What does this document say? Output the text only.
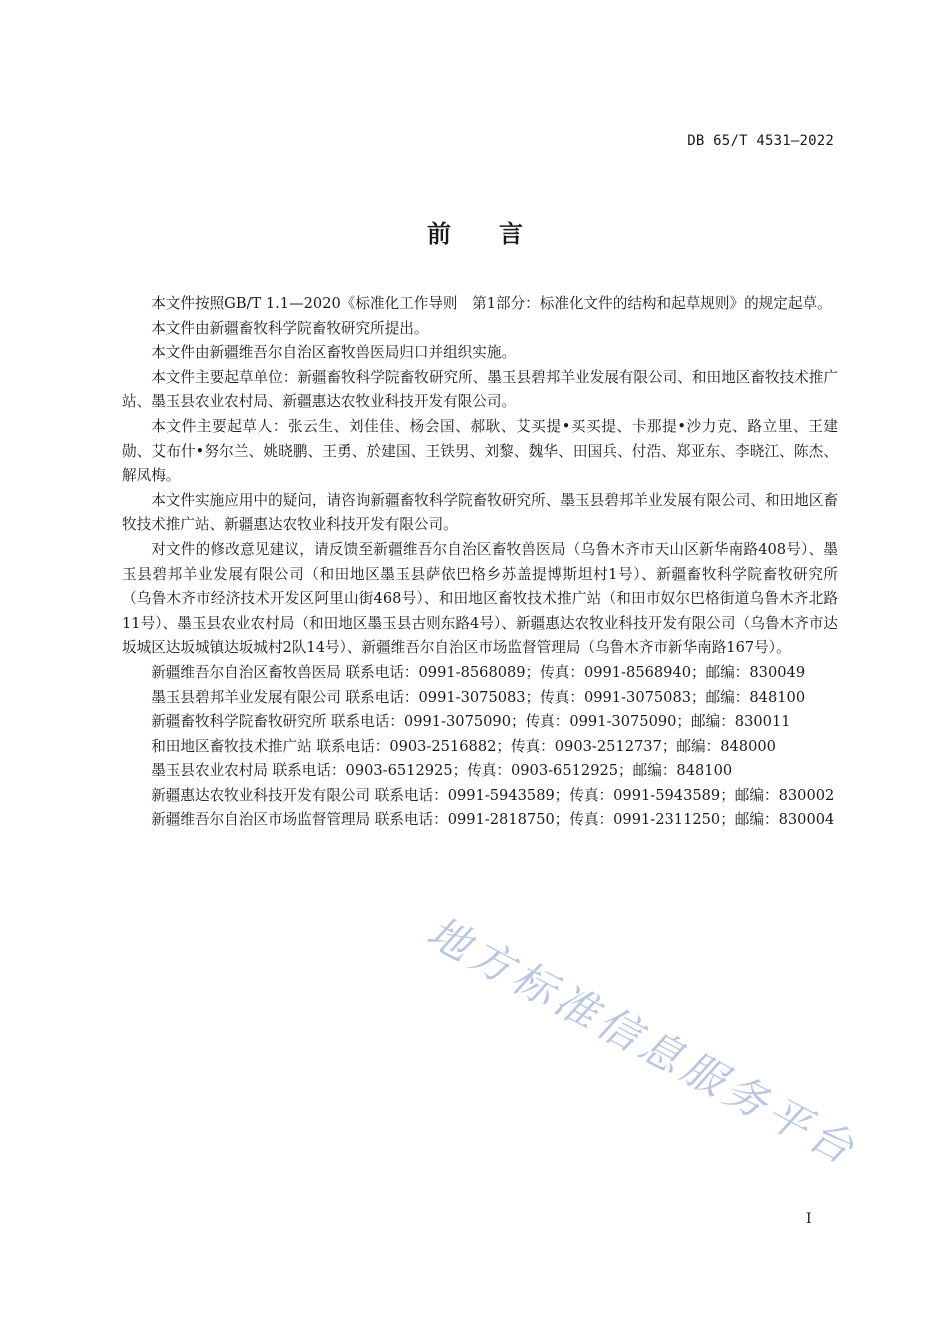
DB 65/T 4531—2022
前 言

本文件按照GB/T 1.1—2020《标准化工作导则　第1部分：标准化文件的结构和起草规则》的规定起草。

本文件由新疆畜牧科学院畜牧研究所提出。

本文件由新疆维吾尔自治区畜牧兽医局归口并组织实施。

本文件主要起草单位：新疆畜牧科学院畜牧研究所、墨玉县碧邦羊业发展有限公司、和田地区畜牧技术推广站、墨玉县农业农村局、新疆惠达农牧业科技开发有限公司。

本文件主要起草人：张云生、刘佳佳、杨会国、郝耿、艾买提•买买提、卡那提•沙力克、路立里、王建勋、艾布什•努尔兰、姚晓鹏、王勇、於建国、王铁男、刘黎、魏华、田国兵、付浩、郑亚东、李晓江、陈杰、解凤梅。

本文件实施应用中的疑问，请咨询新疆畜牧科学院畜牧研究所、墨玉县碧邦羊业发展有限公司、和田地区畜牧技术推广站、新疆惠达农牧业科技开发有限公司。

对文件的修改意见建议，请反馈至新疆维吾尔自治区畜牧兽医局（乌鲁木齐市天山区新华南路408号）、墨玉县碧邦羊业发展有限公司（和田地区墨玉县萨依巴格乡苏盖提博斯坦村1号）、新疆畜牧科学院畜牧研究所（乌鲁木齐市经济技术开发区阿里山街468号）、和田地区畜牧技术推广站（和田市奴尔巴格街道乌鲁木齐北路11号）、墨玉县农业农村局（和田地区墨玉县古则东路4号）、新疆惠达农牧业科技开发有限公司（乌鲁木齐市达坂城区达坂城镇达坂城村2队14号）、新疆维吾尔自治区市场监督管理局（乌鲁木齐市新华南路167号）。

新疆维吾尔自治区畜牧兽医局 联系电话：0991-8568089；传真：0991-8568940；邮编：830049

墨玉县碧邦羊业发展有限公司 联系电话：0991-3075083；传真：0991-3075083；邮编：848100

新疆畜牧科学院畜牧研究所 联系电话：0991-3075090；传真：0991-3075090；邮编：830011

和田地区畜牧技术推广站 联系电话：0903-2516882；传真：0903-2512737；邮编：848000

墨玉县农业农村局 联系电话：0903-6512925；传真：0903-6512925；邮编：848100

新疆惠达农牧业科技开发有限公司 联系电话：0991-5943589；传真：0991-5943589；邮编：830002

新疆维吾尔自治区市场监督管理局 联系电话：0991-2818750；传真：0991-2311250；邮编：830004

地方标准信息服务平台
I
